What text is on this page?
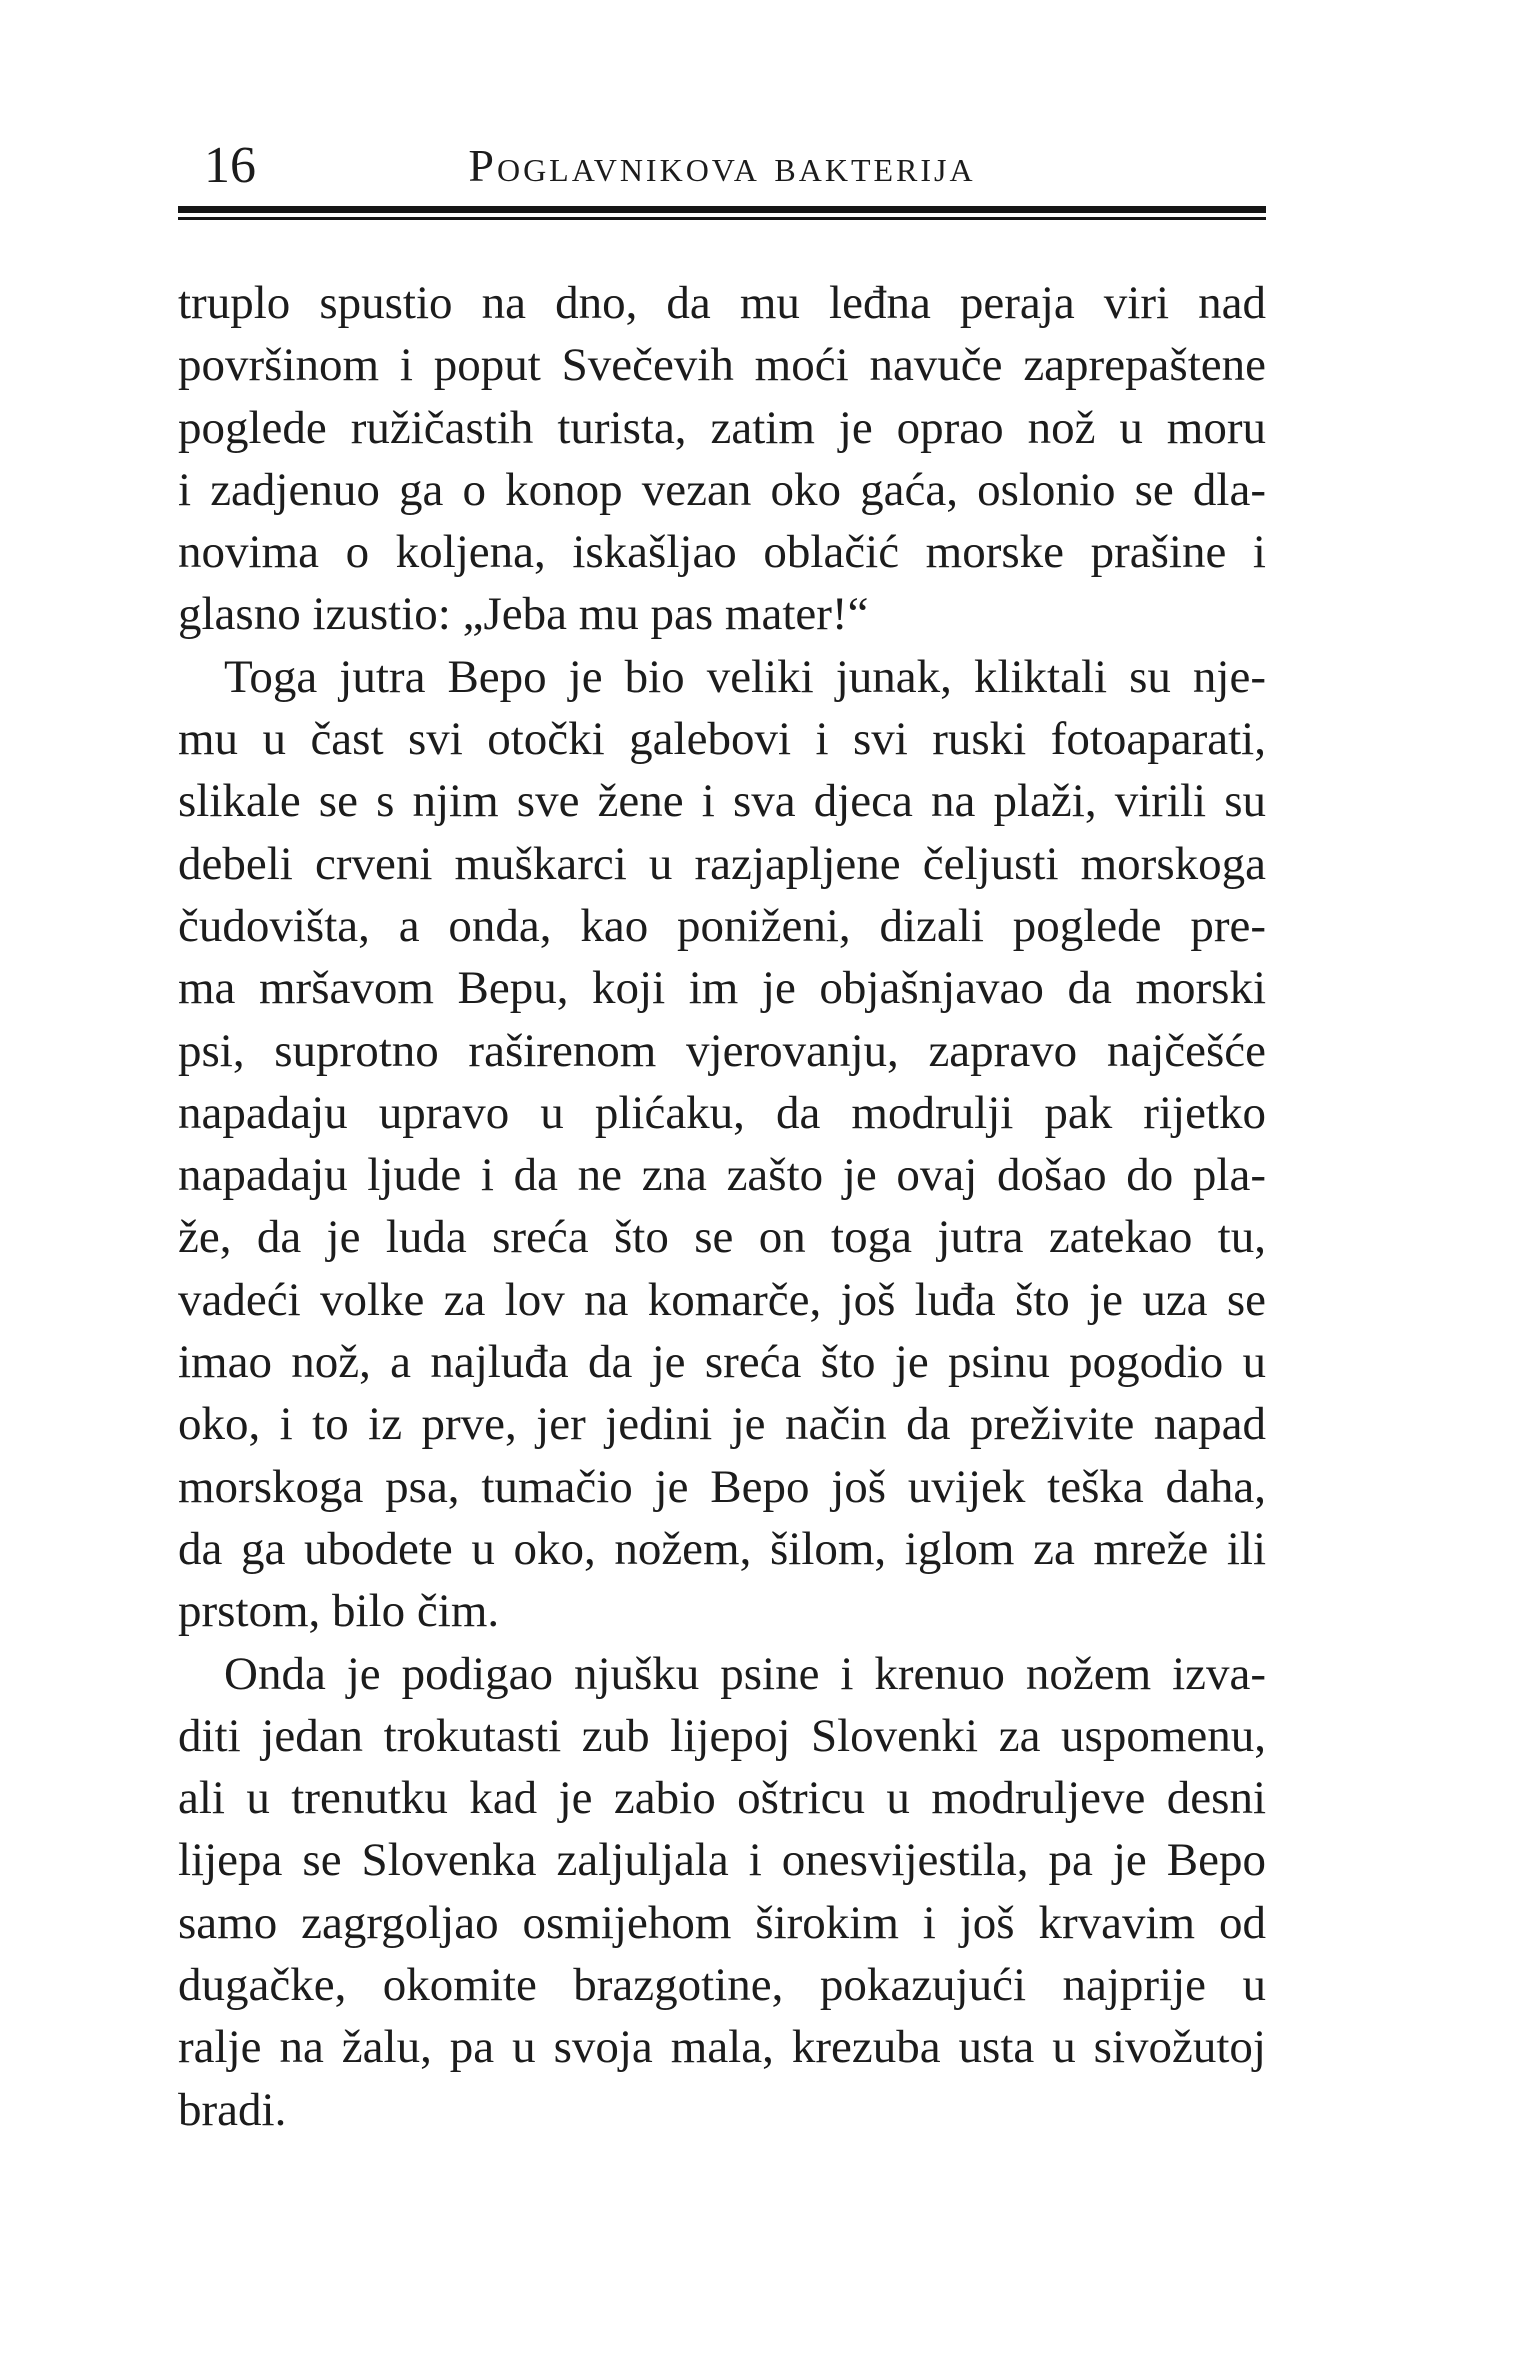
16	Poglavnikova bakterija
truplo spustio na dno, da mu leđna peraja viri nad
površinom i poput Svečevih moći navuče zaprepaštene
poglede ružičastih turista, zatim je oprao nož u moru
i zadjenuo ga o konop vezan oko gaća, oslonio se dla-
novima o koljena, iskašljao oblačić morske prašine i
glasno izustio: „Jeba mu pas mater!“
Toga jutra Bepo je bio veliki junak, kliktali su nje-
mu u čast svi otočki galebovi i svi ruski fotoaparati,
slikale se s njim sve žene i sva djeca na plaži, virili su
debeli crveni muškarci u razjapljene čeljusti morskoga
čudovišta, a onda, kao poniženi, dizali poglede pre-
ma mršavom Bepu, koji im je objašnjavao da morski
psi, suprotno raširenom vjerovanju, zapravo najčešće
napadaju upravo u plićaku, da modrulji pak rijetko
napadaju ljude i da ne zna zašto je ovaj došao do pla-
že, da je luda sreća što se on toga jutra zatekao tu,
vadeći volke za lov na komarče, još luđa što je uza se
imao nož, a najluđa da je sreća što je psinu pogodio u
oko, i to iz prve, jer jedini je način da preživite napad
morskoga psa, tumačio je Bepo još uvijek teška daha,
da ga ubodete u oko, nožem, šilom, iglom za mreže ili
prstom, bilo čim.
Onda je podigao njušku psine i krenuo nožem izva-
diti jedan trokutasti zub lijepoj Slovenki za uspomenu,
ali u trenutku kad je zabio oštricu u modruljeve desni
lijepa se Slovenka zaljuljala i onesvijestila, pa je Bepo
samo zagrgoljao osmijehom širokim i još krvavim od
dugačke, okomite brazgotine, pokazujući najprije u
ralje na žalu, pa u svoja mala, krezuba usta u sivožutoj
bradi.
